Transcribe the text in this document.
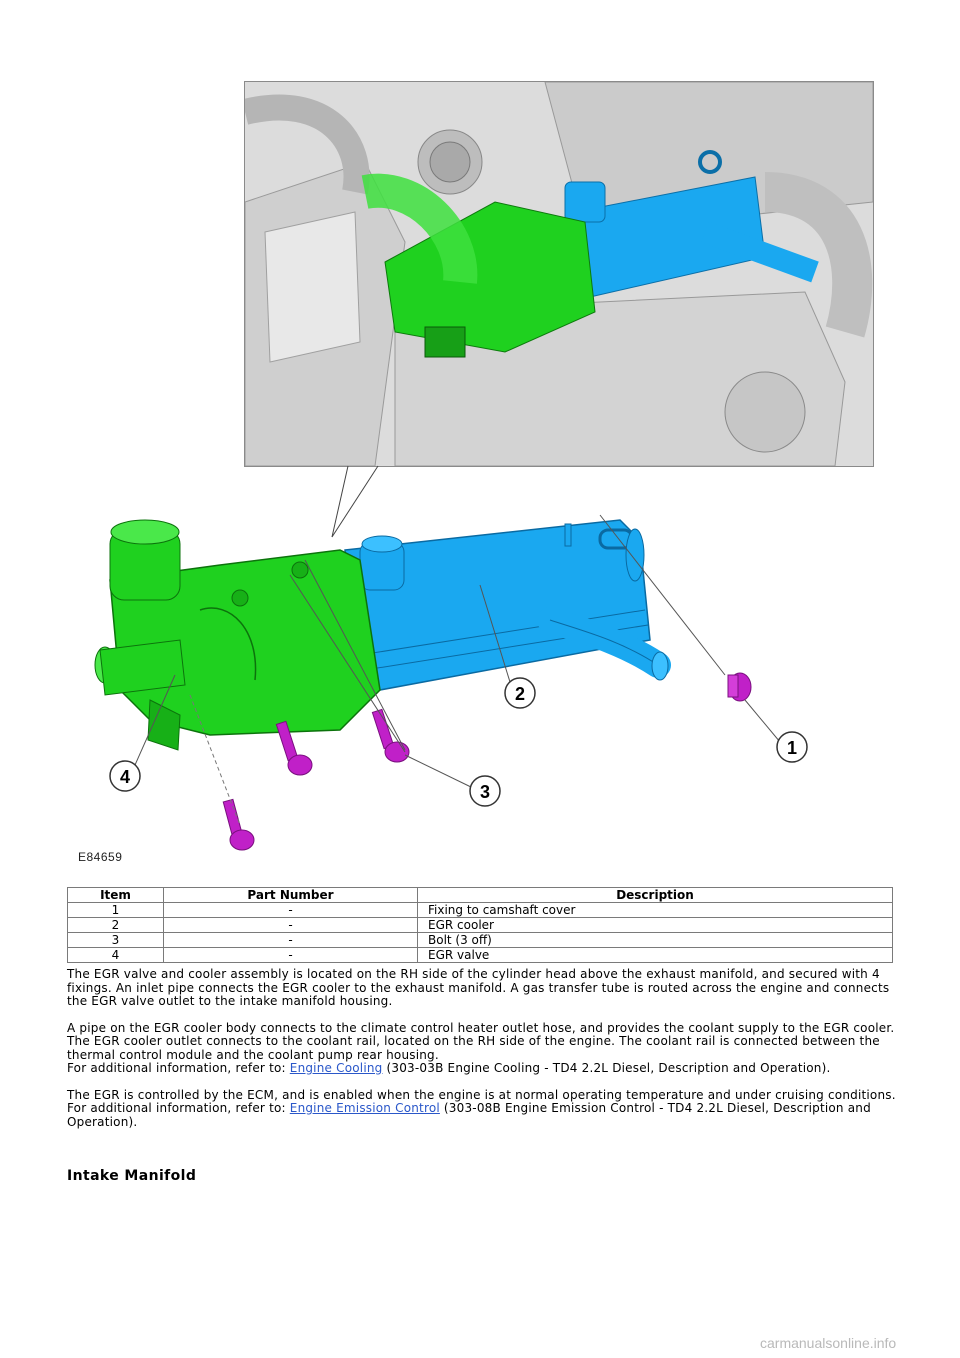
1
2
3
4
E84659
Item	Part Number	Description
1	-	Fixing to camshaft cover
2	-	EGR cooler
3	-	Bolt (3 off)
4	-	EGR valve

The EGR valve and cooler assembly is located on the RH side of the cylinder head above the exhaust manifold, and secured with 4 fixings. An inlet pipe connects the EGR cooler to the exhaust manifold. A gas transfer tube is routed across the engine and connects the EGR valve outlet to the intake manifold housing.

A pipe on the EGR cooler body connects to the climate control heater outlet hose, and provides the coolant supply to the EGR cooler. The EGR cooler outlet connects to the coolant rail, located on the RH side of the engine. The coolant rail is connected between the thermal control module and the coolant pump rear housing.
For additional information, refer to: Engine Cooling (303-03B Engine Cooling - TD4 2.2L Diesel, Description and Operation).

The EGR is controlled by the ECM, and is enabled when the engine is at normal operating temperature and under cruising conditions.
For additional information, refer to: Engine Emission Control (303-08B Engine Emission Control - TD4 2.2L Diesel, Description and Operation).

Intake Manifold
carmanualsonline.info
